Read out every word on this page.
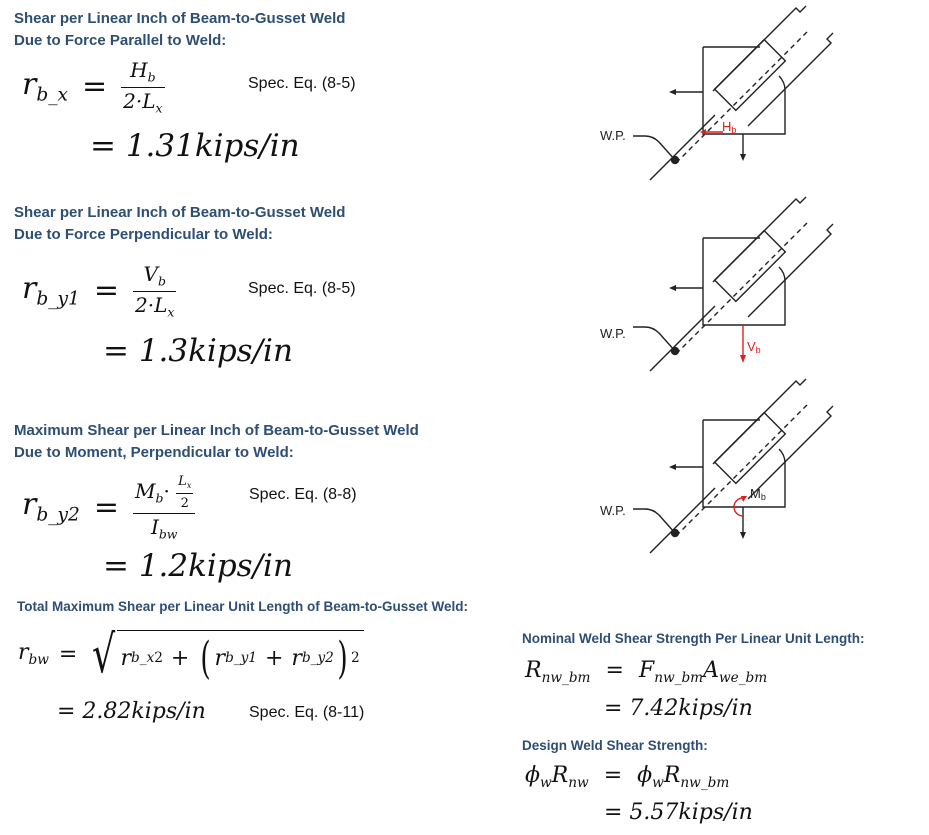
Shear per Linear Inch of Beam-to-Gusset Weld
Due to Force Parallel to Weld:
$r_{b\_x} = \frac{H_b}{2\cdot L_x}$	Spec. Eq. (8-5)
= 1.31kips/in
Shear per Linear Inch of Beam-to-Gusset Weld
Due to Force Perpendicular to Weld:
$r_{b\_y1} = \frac{V_b}{2\cdot L_x}$	Spec. Eq. (8-5)
= 1.3kips/in
Maximum Shear per Linear Inch of Beam-to-Gusset Weld
Due to Moment, Perpendicular to Weld:
$r_{b\_y2} = \frac{M_b\cdot \frac{L_x}{2}}{I_{bw}}$	Spec. Eq. (8-8)
= 1.2kips/in
Total Maximum Shear per Linear Unit Length of Beam-to-Gusset Weld:
$r_{bw}$ = √ r b_x 2 + ( r b_y1 + r b_y2 ) 2
Spec. Eq. (8-11)
= 2.82kips/in
Nominal Weld Shear Strength Per Linear Unit Length:
$R_{nw\_bm} = F_{nw\_bm}A_{we\_bm}$
= 7.42kips/in
Design Weld Shear Strength:
$\phi_wR_{nw} = \phi_wR_{nw\_bm}$
= 5.57kips/in
W.P.
Hb
W.P.
Vb
W.P.
Mb
